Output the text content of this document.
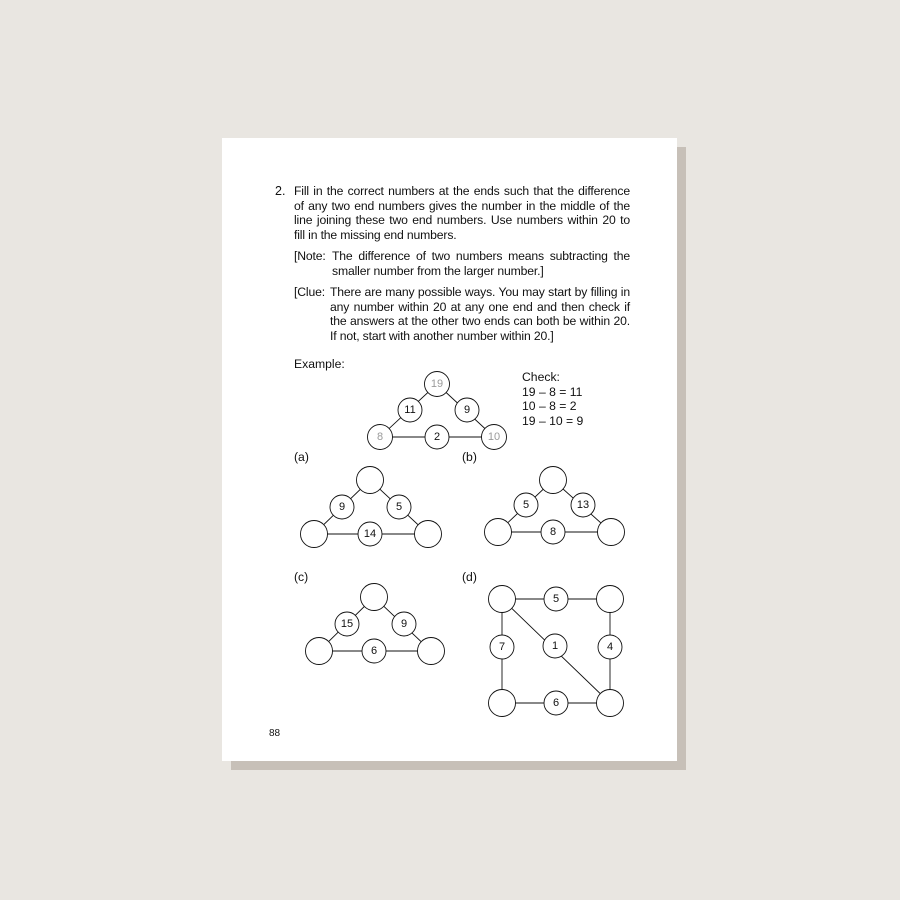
2. Fill in the correct numbers at the ends such that the difference of any two end numbers gives the number in the middle of the line joining these two end numbers. Use numbers within 20 to fill in the missing end numbers.
[Note: The difference of two numbers means subtracting the smaller number from the larger number.]
[Clue: There are many possible ways. You may start by filling in any number within 20 at any one end and then check if the answers at the other two ends can both be within 20. If not, start with another number within 20.]
Example:
Check:
19 – 8 = 11
10 – 8 = 2
19 – 10 = 9
(a)	(b)
(c)	(d)
19
8	10
11	9
2
9	5
14
5	13
8
15	9
6
5
7	1	4
6
88
